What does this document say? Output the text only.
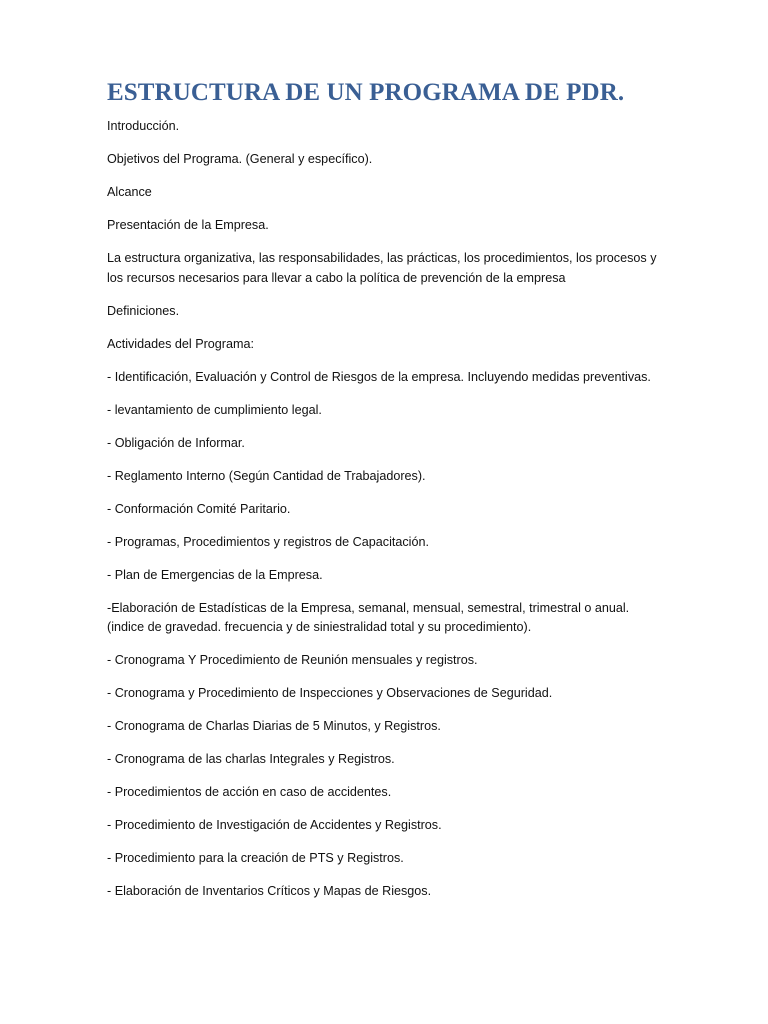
ESTRUCTURA DE UN PROGRAMA DE PDR.

Introducción.

Objetivos del Programa. (General y específico).

Alcance

Presentación de la Empresa.

La estructura organizativa, las responsabilidades, las prácticas, los procedimientos, los procesos y
los recursos necesarios para llevar a cabo la política de prevención de la empresa

Definiciones.

Actividades del Programa:

- Identificación, Evaluación y Control de Riesgos de la empresa. Incluyendo medidas preventivas.

- levantamiento de cumplimiento legal.

- Obligación de Informar.

- Reglamento Interno (Según Cantidad de Trabajadores).

- Conformación Comité Paritario.

- Programas, Procedimientos y registros de Capacitación.

- Plan de Emergencias de la Empresa.

-Elaboración de Estadísticas de la Empresa, semanal, mensual, semestral, trimestral o anual.
(indice de gravedad. frecuencia y de siniestralidad total y su procedimiento).

- Cronograma Y Procedimiento de Reunión mensuales y registros.

- Cronograma y Procedimiento de Inspecciones y Observaciones de Seguridad.

- Cronograma de Charlas Diarias de 5 Minutos, y Registros.

- Cronograma de las charlas Integrales y Registros.

- Procedimientos de acción en caso de accidentes.

- Procedimiento de Investigación de Accidentes y Registros.

- Procedimiento para la creación de PTS y Registros.

- Elaboración de Inventarios Críticos y Mapas de Riesgos.
